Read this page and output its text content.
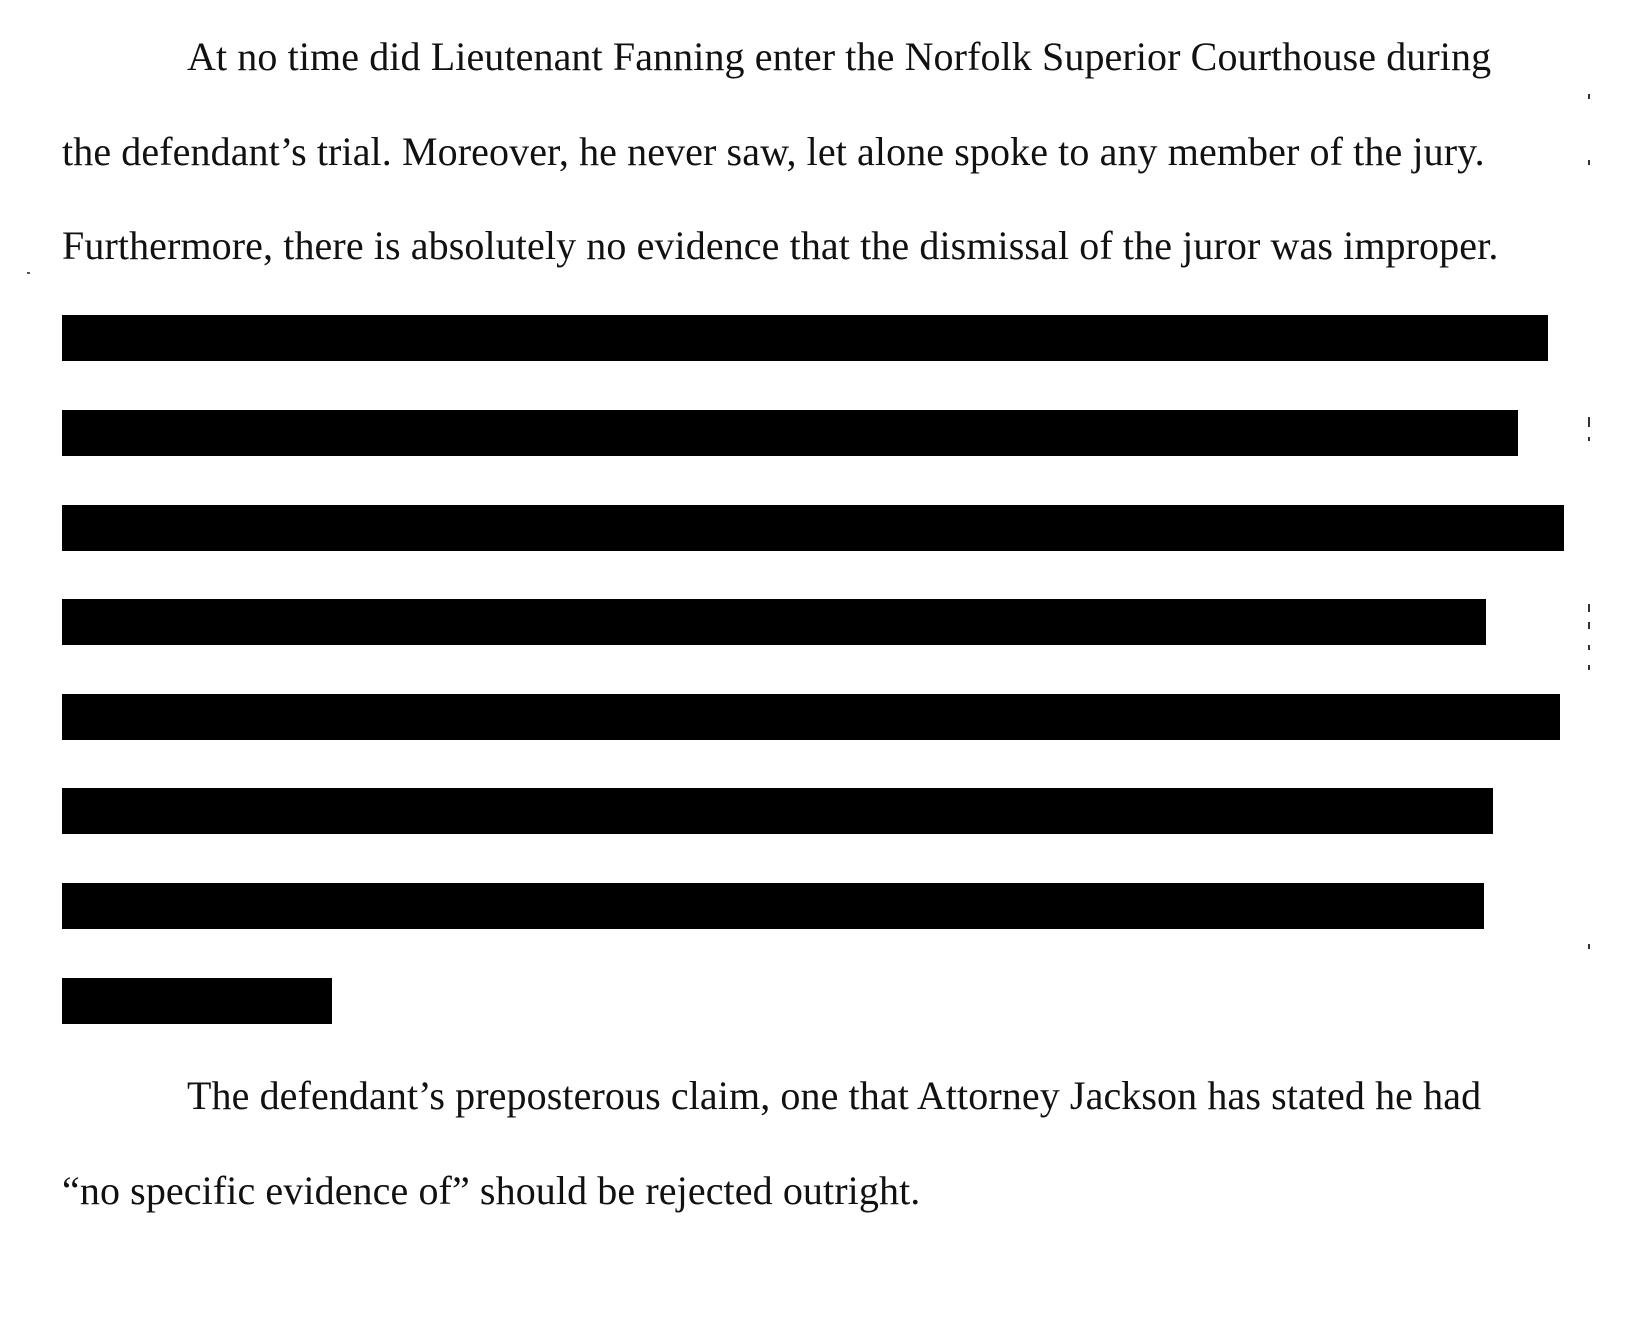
At no time did Lieutenant Fanning enter the Norfolk Superior Courthouse during
the defendant’s trial. Moreover, he never saw, let alone spoke to any member of the jury.
Furthermore, there is absolutely no evidence that the dismissal of the juror was improper.
The defendant’s preposterous claim, one that Attorney Jackson has stated he had
“no specific evidence of” should be rejected outright.
